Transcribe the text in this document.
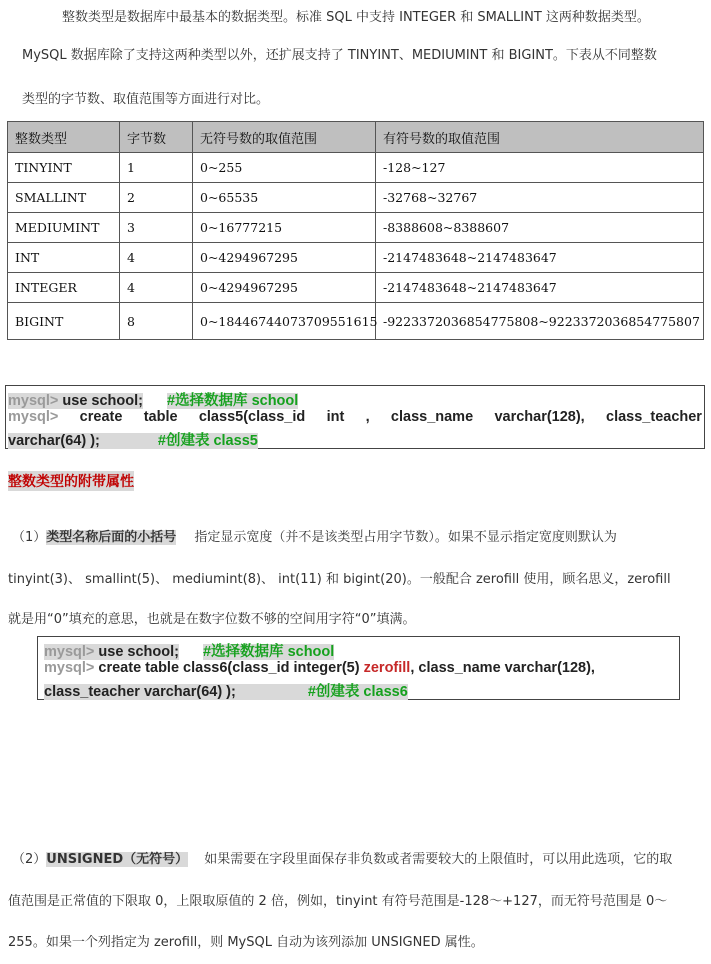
整数类型是数据库中最基本的数据类型。标准 SQL 中支持 INTEGER 和 SMALLINT 这两种数据类型。
MySQL 数据库除了支持这两种类型以外，还扩展支持了 TINYINT、MEDIUMINT 和 BIGINT。下表从不同整数
类型的字节数、取值范围等方面进行对比。
整数类型	字节数	无符号数的取值范围	有符号数的取值范围
TINYINT	1	0~255	-128~127
SMALLINT	2	0~65535	-32768~32767
MEDIUMINT	3	0~16777215	-8388608~8388607
INT	4	0~4294967295	-2147483648~2147483647
INTEGER	4	0~4294967295	-2147483648~2147483647
BIGINT	8	0~18446744073709551615	-9223372036854775808~9223372036854775807
mysql> use school; #选择数据库 school
mysql> create table class5(class_id int , class_name varchar(128), class_teacher
varchar(64) );	#创建表 class5
整数类型的附带属性
（1）类型名称后面的小括号 指定显示宽度（并不是该类型占用字节数）。如果不显示指定宽度则默认为
tinyint(3)、 smallint(5)、 mediumint(8)、 int(11) 和 bigint(20)。一般配合 zerofill 使用，顾名思义，zerofill
就是用“0”填充的意思，也就是在数字位数不够的空间用字符“0”填满。
mysql> use school; #选择数据库 school
mysql> create table class6(class_id integer(5) zerofill, class_name varchar(128),
class_teacher varchar(64) );	#创建表 class6
（2）UNSIGNED（无符号） 如果需要在字段里面保存非负数或者需要较大的上限值时，可以用此选项，它的取
值范围是正常值的下限取 0，上限取原值的 2 倍，例如，tinyint 有符号范围是-128～+127，而无符号范围是 0～
255。如果一个列指定为 zerofill，则 MySQL 自动为该列添加 UNSIGNED 属性。
